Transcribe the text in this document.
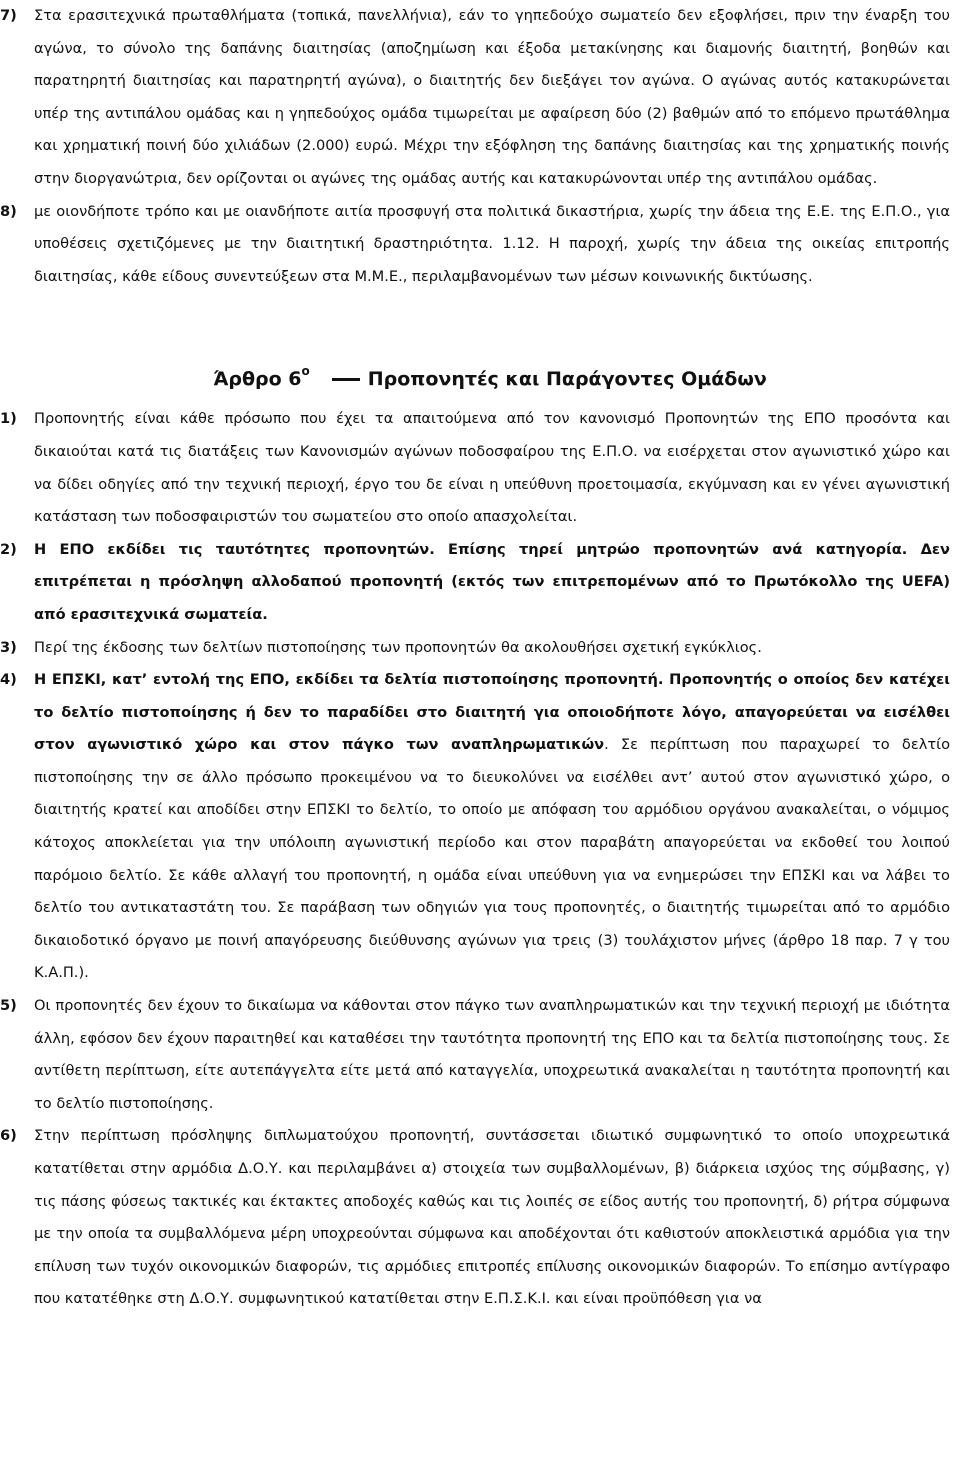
7) Στα ερασιτεχνικά πρωταθλήματα (τοπικά, πανελλήνια), εάν το γηπεδούχο σωματείο δεν εξοφλήσει, πριν την έναρξη του αγώνα, το σύνολο της δαπάνης διαιτησίας (αποζημίωση και έξοδα μετακίνησης και διαμονής διαιτητή, βοηθών και παρατηρητή διαιτησίας και παρατηρητή αγώνα), ο διαιτητής δεν διεξάγει τον αγώνα. Ο αγώνας αυτός κατακυρώνεται υπέρ της αντιπάλου ομάδας και η γηπεδούχος ομάδα τιμωρείται με αφαίρεση δύο (2) βαθμών από το επόμενο πρωτάθλημα και χρηματική ποινή δύο χιλιάδων (2.000) ευρώ. Μέχρι την εξόφληση της δαπάνης διαιτησίας και της χρηματικής ποινής στην διοργανώτρια, δεν ορίζονται οι αγώνες της ομάδας αυτής και κατακυρώνονται υπέρ της αντιπάλου ομάδας.
8) με οιονδήποτε τρόπο και με οιανδήποτε αιτία προσφυγή στα πολιτικά δικαστήρια, χωρίς την άδεια της Ε.Ε. της Ε.Π.Ο., για υποθέσεις σχετιζόμενες με την διαιτητική δραστηριότητα. 1.12. Η παροχή, χωρίς την άδεια της οικείας επιτροπής διαιτησίας, κάθε είδους συνεντεύξεων στα Μ.Μ.Ε., περιλαμβανομένων των μέσων κοινωνικής δικτύωσης.
Άρθρο $6^o$	Προπονητές και Παράγοντες Ομάδων
1) Προπονητής είναι κάθε πρόσωπο που έχει τα απαιτούμενα από τον κανονισμό Προπονητών της ΕΠΟ προσόντα και δικαιούται κατά τις διατάξεις των Κανονισμών αγώνων ποδοσφαίρου της Ε.Π.Ο. να εισέρχεται στον αγωνιστικό χώρο και να δίδει οδηγίες από την τεχνική περιοχή, έργο του δε είναι η υπεύθυνη προετοιμασία, εκγύμναση και εν γένει αγωνιστική κατάσταση των ποδοσφαιριστών του σωματείου στο οποίο απασχολείται.
2) Η ΕΠΟ εκδίδει τις ταυτότητες προπονητών. Επίσης τηρεί μητρώο προπονητών ανά κατηγορία. Δεν επιτρέπεται η πρόσληψη αλλοδαπού προπονητή (εκτός των επιτρεπομένων από το Πρωτόκολλο της UEFA) από ερασιτεχνικά σωματεία.
3) Περί της έκδοσης των δελτίων πιστοποίησης των προπονητών θα ακολουθήσει σχετική εγκύκλιος.
4) Η ΕΠΣΚΙ, κατ’ εντολή της ΕΠΟ, εκδίδει τα δελτία πιστοποίησης προπονητή. Προπονητής ο οποίος δεν κατέχει το δελτίο πιστοποίησης ή δεν το παραδίδει στο διαιτητή για οποιοδήποτε λόγο, απαγορεύεται να εισέλθει στον αγωνιστικό χώρο και στον πάγκο των αναπληρωματικών. Σε περίπτωση που παραχωρεί το δελτίο πιστοποίησης την σε άλλο πρόσωπο προκειμένου να το διευκολύνει να εισέλθει αντ’ αυτού στον αγωνιστικό χώρο, ο διαιτητής κρατεί και αποδίδει στην ΕΠΣΚΙ το δελτίο, το οποίο με απόφαση του αρμόδιου οργάνου ανακαλείται, ο νόμιμος κάτοχος αποκλείεται για την υπόλοιπη αγωνιστική περίοδο και στον παραβάτη απαγορεύεται να εκδοθεί του λοιπού παρόμοιο δελτίο. Σε κάθε αλλαγή του προπονητή, η ομάδα είναι υπεύθυνη για να ενημερώσει την ΕΠΣΚΙ και να λάβει το δελτίο του αντικαταστάτη του. Σε παράβαση των οδηγιών για τους προπονητές, ο διαιτητής τιμωρείται από το αρμόδιο δικαιοδοτικό όργανο με ποινή απαγόρευσης διεύθυνσης αγώνων για τρεις (3) τουλάχιστον μήνες (άρθρο 18 παρ. 7 γ του Κ.Α.Π.).
5) Οι προπονητές δεν έχουν το δικαίωμα να κάθονται στον πάγκο των αναπληρωματικών και την τεχνική περιοχή με ιδιότητα άλλη, εφόσον δεν έχουν παραιτηθεί και καταθέσει την ταυτότητα προπονητή της ΕΠΟ και τα δελτία πιστοποίησης τους. Σε αντίθετη περίπτωση, είτε αυτεπάγγελτα είτε μετά από καταγγελία, υποχρεωτικά ανακαλείται η ταυτότητα προπονητή και το δελτίο πιστοποίησης.
6) Στην περίπτωση πρόσληψης διπλωματούχου προπονητή, συντάσσεται ιδιωτικό συμφωνητικό το οποίο υποχρεωτικά κατατίθεται στην αρμόδια Δ.Ο.Υ. και περιλαμβάνει α) στοιχεία των συμβαλλομένων, β) διάρκεια ισχύος της σύμβασης, γ) τις πάσης φύσεως τακτικές και έκτακτες αποδοχές καθώς και τις λοιπές σε είδος αυτής του προπονητή, δ) ρήτρα σύμφωνα με την οποία τα συμβαλλόμενα μέρη υποχρεούνται σύμφωνα και αποδέχονται ότι καθιστούν αποκλειστικά αρμόδια για την επίλυση των τυχόν οικονομικών διαφορών, τις αρμόδιες επιτροπές επίλυσης οικονομικών διαφορών. Το επίσημο αντίγραφο που κατατέθηκε στη Δ.Ο.Υ. συμφωνητικού κατατίθεται στην Ε.Π.Σ.Κ.Ι. και είναι προϋπόθεση για να
